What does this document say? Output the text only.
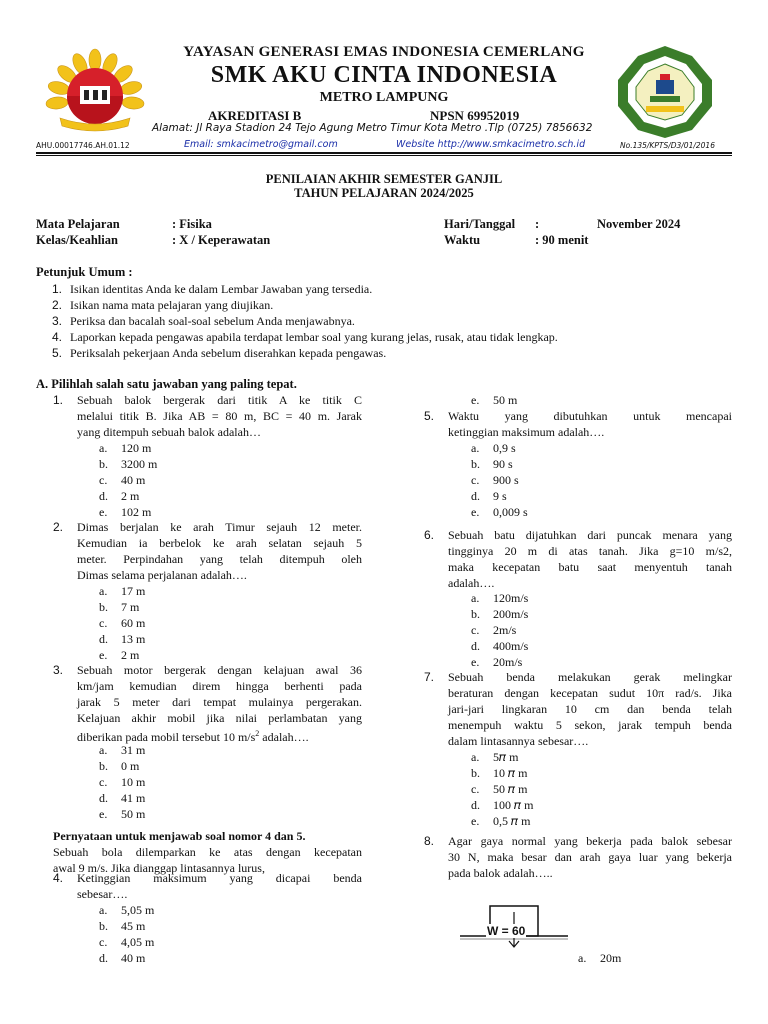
YAYASAN GENERASI EMAS INDONESIA CEMERLANG
SMK AKU CINTA INDONESIA
METRO LAMPUNG
AKREDITASI B	NPSN 69952019
Alamat: Jl Raya Stadion 24 Tejo Agung Metro Timur Kota Metro .Tlp (0725) 7856632
AHU.00017746.AH.01.12	Email: smkacimetro@gmail.com	Website http://www.smkacimetro.sch.id	No.135/KPTS/D3/01/2016
PENILAIAN AKHIR SEMESTER GANJIL
TAHUN PELAJARAN 2024/2025
Mata Pelajaran	: Fisika	Hari/Tanggal :	November 2024
Kelas/Keahlian	: X / Keperawatan	Waktu	: 90 menit
Petunjuk Umum :
1. Isikan identitas Anda ke dalam Lembar Jawaban yang tersedia.
2. Isikan nama mata pelajaran yang diujikan.
3. Periksa dan bacalah soal-soal sebelum Anda menjawabnya.
4. Laporkan kepada pengawas apabila terdapat lembar soal yang kurang jelas, rusak, atau tidak lengkap.
5. Periksalah pekerjaan Anda sebelum diserahkan kepada pengawas.
A. Pilihlah salah satu jawaban yang paling tepat.
1. Sebuah balok bergerak dari titik A ke titik C
melalui titik B. Jika AB = 80 m, BC = 40 m. Jarak
yang ditempuh sebuah balok adalah…
a. 120 m
b. 3200 m
c. 40 m
d. 2 m
e. 102 m
2. Dimas berjalan ke arah Timur sejauh 12 meter.
Kemudian ia berbelok ke arah selatan sejauh 5
meter. Perpindahan yang telah ditempuh oleh
Dimas selama perjalanan adalah….
a. 17 m
b. 7 m
c. 60 m
d. 13 m
e. 2 m
3. Sebuah motor bergerak dengan kelajuan awal 36
km/jam kemudian direm hingga berhenti pada
jarak 5 meter dari tempat mulainya pergerakan.
Kelajuan akhir mobil jika nilai perlambatan yang
diberikan pada mobil tersebut 10 $m/s^2$ adalah….
a. 31 m
b. 0 m
c. 10 m
d. 41 m
e. 50 m
Pernyataan untuk menjawab soal nomor 4 dan 5.
Sebuah bola dilemparkan ke atas dengan kecepatan
awal 9 m/s. Jika dianggap lintasannya lurus,
4. Ketinggian maksimum yang dicapai benda
sebesar….
a. 5,05 m
b. 45 m
c. 4,05 m
d. 40 m
e. 50 m
5. Waktu yang dibutuhkan untuk mencapai
ketinggian maksimum adalah….
a. 0,9 s
b. 90 s
c. 900 s
d. 9 s
e. 0,009 s
6. Sebuah batu dijatuhkan dari puncak menara yang
tingginya 20 m di atas tanah. Jika g=10 m/s2,
maka kecepatan batu saat menyentuh tanah
adalah….
a. 120m/s
b. 200m/s
c. 2m/s
d. 400m/s
e. 20m/s
7. Sebuah benda melakukan gerak melingkar
beraturan dengan kecepatan sudut 10π rad/s. Jika
jari-jari lingkaran 10 cm dan benda telah
menempuh waktu 5 sekon, jarak tempuh benda
dalam lintasannya sebesar….
a. 5𝜋 m
b. 10 𝜋 m
c. 50 𝜋 m
d. 100 𝜋 m
e. 0,5 𝜋 m
8. Agar gaya normal yang bekerja pada balok sebesar
30 N, maka besar dan arah gaya luar yang bekerja
pada balok adalah…..
W = 60
a. 20m
